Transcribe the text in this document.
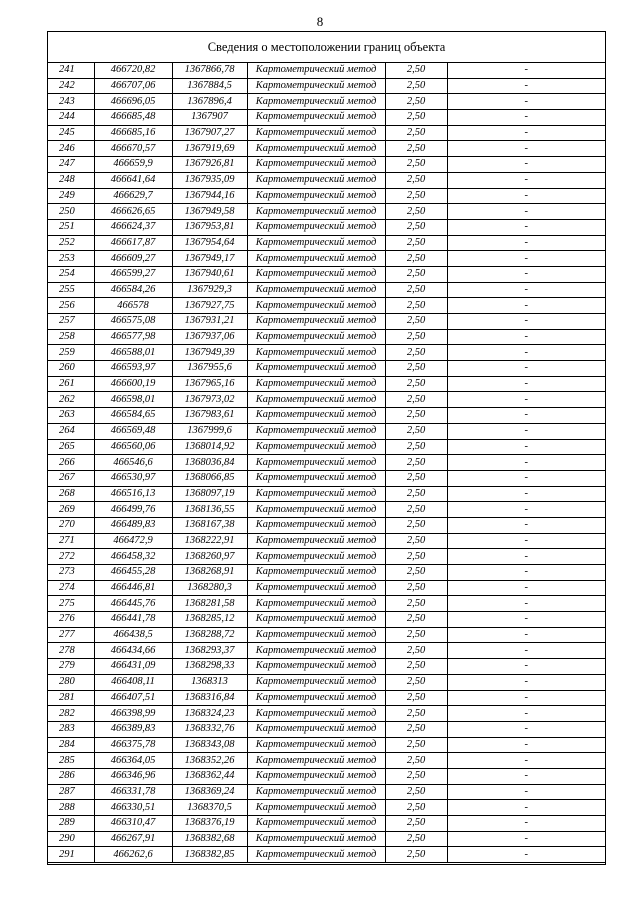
8
Сведения о местоположении границ объекта
241	466720,82	1367866,78	Картометрический метод	2,50	-
242	466707,06	1367884,5	Картометрический метод	2,50	-
243	466696,05	1367896,4	Картометрический метод	2,50	-
244	466685,48	1367907	Картометрический метод	2,50	-
245	466685,16	1367907,27	Картометрический метод	2,50	-
246	466670,57	1367919,69	Картометрический метод	2,50	-
247	466659,9	1367926,81	Картометрический метод	2,50	-
248	466641,64	1367935,09	Картометрический метод	2,50	-
249	466629,7	1367944,16	Картометрический метод	2,50	-
250	466626,65	1367949,58	Картометрический метод	2,50	-
251	466624,37	1367953,81	Картометрический метод	2,50	-
252	466617,87	1367954,64	Картометрический метод	2,50	-
253	466609,27	1367949,17	Картометрический метод	2,50	-
254	466599,27	1367940,61	Картометрический метод	2,50	-
255	466584,26	1367929,3	Картометрический метод	2,50	-
256	466578	1367927,75	Картометрический метод	2,50	-
257	466575,08	1367931,21	Картометрический метод	2,50	-
258	466577,98	1367937,06	Картометрический метод	2,50	-
259	466588,01	1367949,39	Картометрический метод	2,50	-
260	466593,97	1367955,6	Картометрический метод	2,50	-
261	466600,19	1367965,16	Картометрический метод	2,50	-
262	466598,01	1367973,02	Картометрический метод	2,50	-
263	466584,65	1367983,61	Картометрический метод	2,50	-
264	466569,48	1367999,6	Картометрический метод	2,50	-
265	466560,06	1368014,92	Картометрический метод	2,50	-
266	466546,6	1368036,84	Картометрический метод	2,50	-
267	466530,97	1368066,85	Картометрический метод	2,50	-
268	466516,13	1368097,19	Картометрический метод	2,50	-
269	466499,76	1368136,55	Картометрический метод	2,50	-
270	466489,83	1368167,38	Картометрический метод	2,50	-
271	466472,9	1368222,91	Картометрический метод	2,50	-
272	466458,32	1368260,97	Картометрический метод	2,50	-
273	466455,28	1368268,91	Картометрический метод	2,50	-
274	466446,81	1368280,3	Картометрический метод	2,50	-
275	466445,76	1368281,58	Картометрический метод	2,50	-
276	466441,78	1368285,12	Картометрический метод	2,50	-
277	466438,5	1368288,72	Картометрический метод	2,50	-
278	466434,66	1368293,37	Картометрический метод	2,50	-
279	466431,09	1368298,33	Картометрический метод	2,50	-
280	466408,11	1368313	Картометрический метод	2,50	-
281	466407,51	1368316,84	Картометрический метод	2,50	-
282	466398,99	1368324,23	Картометрический метод	2,50	-
283	466389,83	1368332,76	Картометрический метод	2,50	-
284	466375,78	1368343,08	Картометрический метод	2,50	-
285	466364,05	1368352,26	Картометрический метод	2,50	-
286	466346,96	1368362,44	Картометрический метод	2,50	-
287	466331,78	1368369,24	Картометрический метод	2,50	-
288	466330,51	1368370,5	Картометрический метод	2,50	-
289	466310,47	1368376,19	Картометрический метод	2,50	-
290	466267,91	1368382,68	Картометрический метод	2,50	-
291	466262,6	1368382,85	Картометрический метод	2,50	-
